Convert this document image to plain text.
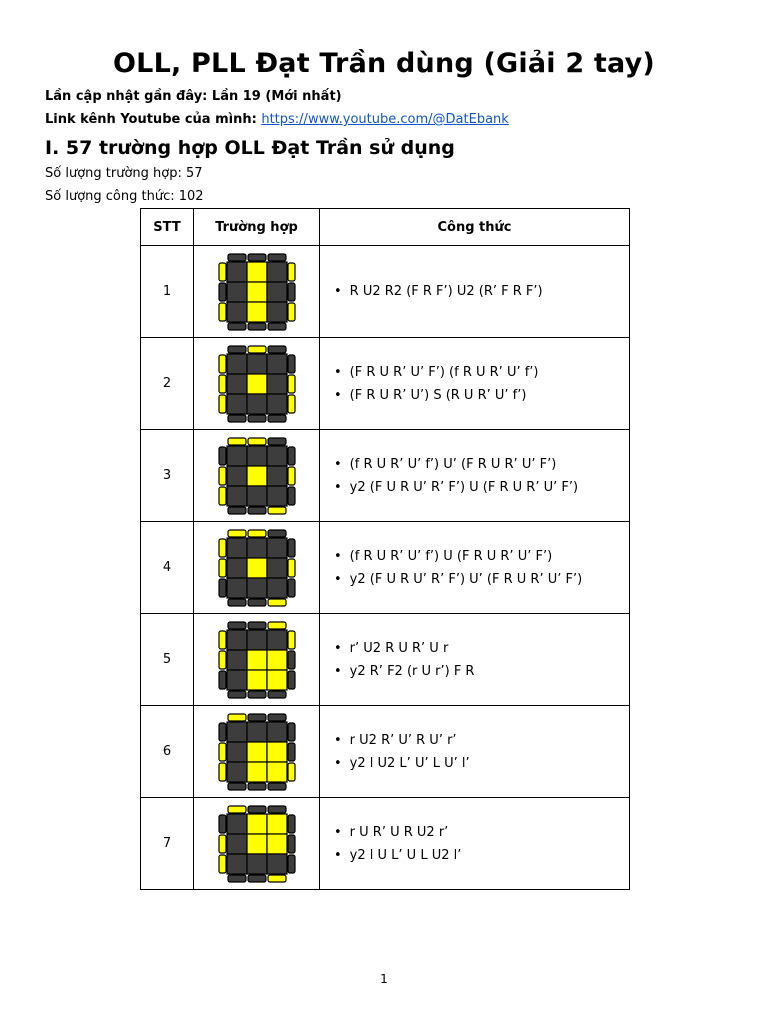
OLL, PLL Đạt Trần dùng (Giải 2 tay)
Lần cập nhật gần đây: Lần 19 (Mới nhất)
Link kênh Youtube của mình: https://www.youtube.com/@DatEbank
I. 57 trường hợp OLL Đạt Trần sử dụng
Số lượng trường hợp: 57
Số lượng công thức: 102
STT	Trường hợp	Công thức
1		• R U2 R2 (F R F’) U2 (R’ F R F’)

2		• (F R U R’ U’ F’) (f R U R’ U’ f’)
• (F R U R’ U’) S (R U R’ U’ f’)

3		• (f R U R’ U’ f’) U’ (F R U R’ U’ F’)
• y2 (F U R U’ R’ F’) U (F R U R’ U’ F’)

4		• (f R U R’ U’ f’) U (F R U R’ U’ F’)
• y2 (F U R U’ R’ F’) U’ (F R U R’ U’ F’)

5		• r’ U2 R U R’ U r
• y2 R’ F2 (r U r’) F R

6		• r U2 R’ U’ R U’ r’
• y2 l U2 L’ U’ L U’ l’

7		• r U R’ U R U2 r’
• y2 l U L’ U L U2 l’
1
